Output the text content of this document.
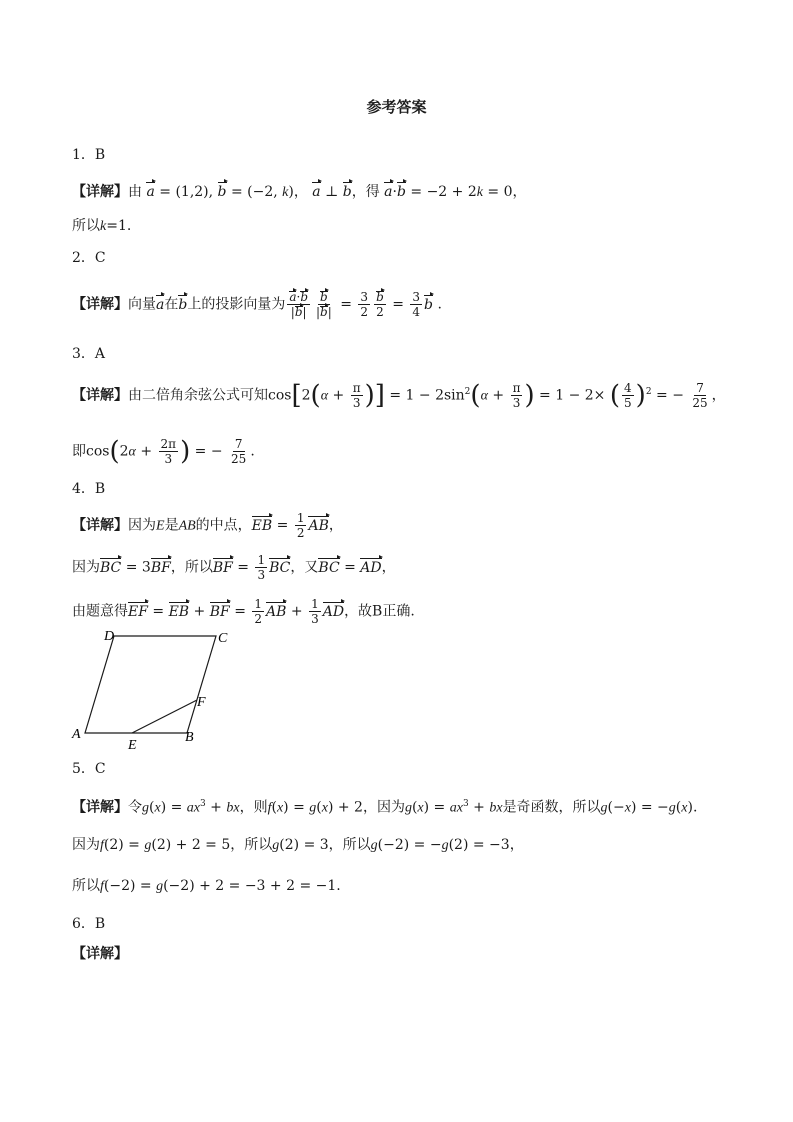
参考答案
1．B
【详解】由 a = (1,2), b = (−2, k)， a ⊥ b，得 a·b = −2 + 2k = 0，
所以k=1.
2．C
【详解】向量a在b上的投影向量为 $\frac{a\cdot b}{|b|} \frac{b}{|b|} = \frac{3}{2} \frac{b}{2} = \frac{3}{4}$ b .
3．A
【详解】由二倍角余弦公式可知$\cos[2(\alpha + \frac{\pi}{3}$ )] = $1 - 2\sin^2(\alpha + \frac{\pi}{3}$ ) = 1 − 2× ( $\frac{4}{5} )^2$ = − $\frac{7}{25}$ ，
即$\cos(2\alpha + \frac{2\pi}{3}$ ) = − $\frac{7}{25}$ .
4．B
【详解】因为E是AB的中点，EB = $\frac{1}{2}$ AB，
因为BC = 3BF，所以BF = $\frac{1}{3}$ BC，又BC = AD，
由题意得EF = EB + BF = $\frac{1}{2}$ AB + $\frac{1}{3}$ AD，故B正确.
D	C
A
E
B
F
5．C
【详解】令$g(x) = ax^3$ + bx，则f(x) = g(x) + 2，因为$g(x) = ax^3$ + bx是奇函数，所以g(−x) = −g(x).
因为f(2) = g(2) + 2 = 5，所以g(2) = 3，所以g(−2) = −g(2) = −3，
所以f(−2) = g(−2) + 2 = −3 + 2 = −1.
6．B
【详解】
